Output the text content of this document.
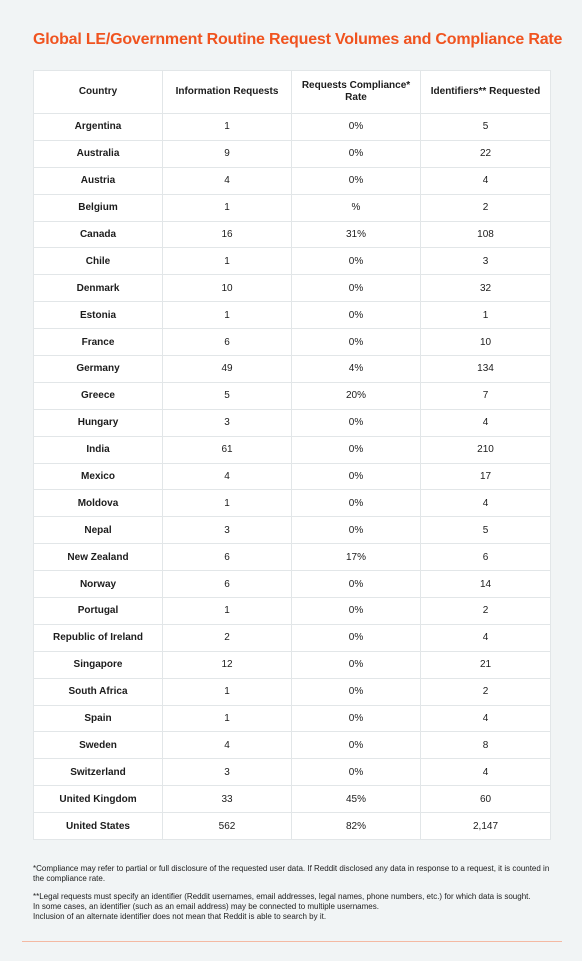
Global LE/Government Routine Request Volumes and Compliance Rate
Country	Information Requests	Requests Compliance* Rate	Identifiers** Requested
Argentina	1	0%	5
Australia	9	0%	22
Austria	4	0%	4
Belgium	1	%	2
Canada	16	31%	108
Chile	1	0%	3
Denmark	10	0%	32
Estonia	1	0%	1
France	6	0%	10
Germany	49	4%	134
Greece	5	20%	7
Hungary	3	0%	4
India	61	0%	210
Mexico	4	0%	17
Moldova	1	0%	4
Nepal	3	0%	5
New Zealand	6	17%	6
Norway	6	0%	14
Portugal	1	0%	2
Republic of Ireland	2	0%	4
Singapore	12	0%	21
South Africa	1	0%	2
Spain	1	0%	4
Sweden	4	0%	8
Switzerland	3	0%	4
United Kingdom	33	45%	60
United States	562	82%	2,147

*Compliance may refer to partial or full disclosure of the requested user data. If Reddit disclosed any data in response to a request, it is counted in the compliance rate.

**Legal requests must specify an identifier (Reddit usernames, email addresses, legal names, phone numbers, etc.) for which data is sought.
In some cases, an identifier (such as an email address) may be connected to multiple usernames.
Inclusion of an alternate identifier does not mean that Reddit is able to search by it.
